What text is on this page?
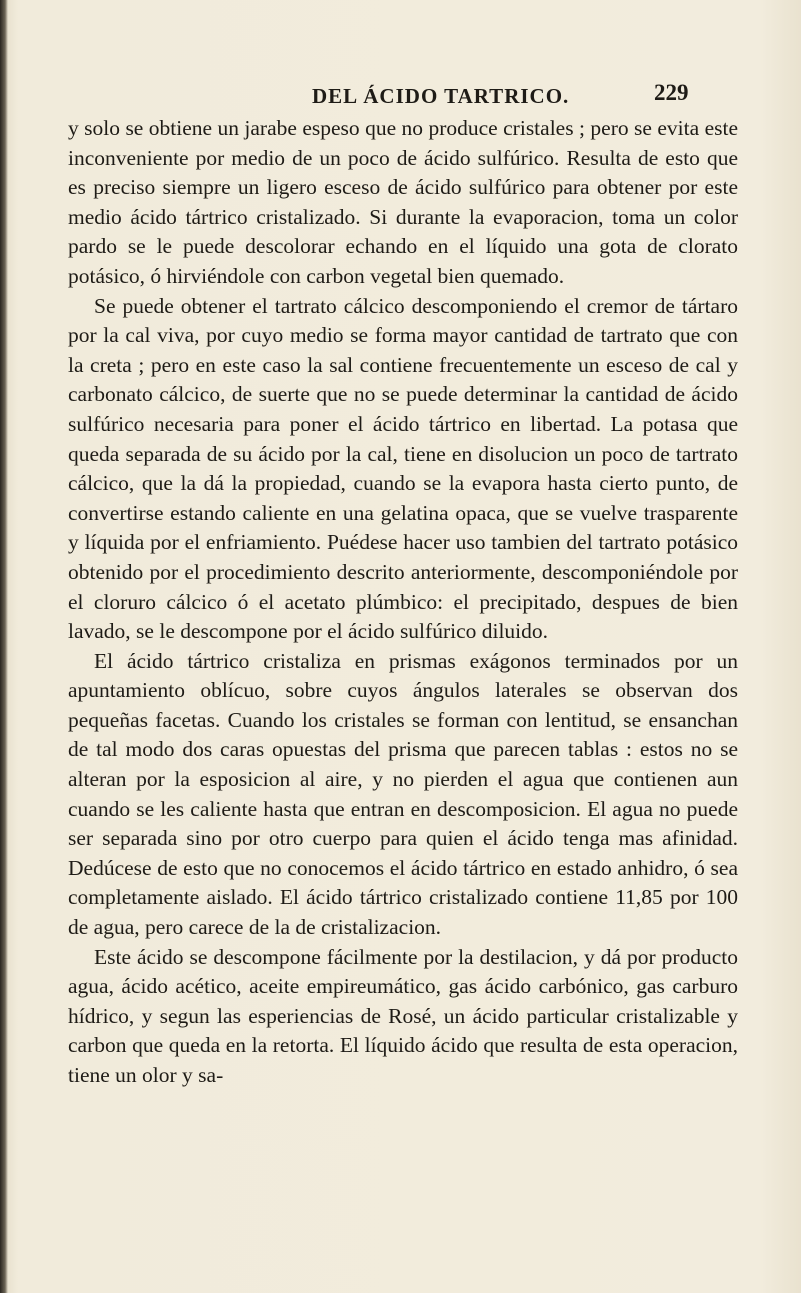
DEL ÁCIDO TARTRICO.	229

y solo se obtiene un jarabe espeso que no produce cristales ; pero se evita este inconveniente por medio de un poco de ácido sulfúrico. Resulta de esto que es preciso siempre un ligero esceso de ácido sulfúrico para obtener por este medio ácido tártrico cristalizado. Si durante la evaporacion, toma un color pardo se le puede descolorar echando en el líquido una gota de clorato potásico, ó hirviéndole con carbon vegetal bien quemado.

Se puede obtener el tartrato cálcico descomponiendo el cremor de tártaro por la cal viva, por cuyo medio se forma mayor cantidad de tartrato que con la creta ; pero en este caso la sal contiene frecuentemente un esceso de cal y carbonato cálcico, de suerte que no se puede determinar la cantidad de ácido sulfúrico necesaria para poner el ácido tártrico en libertad. La potasa que queda separada de su ácido por la cal, tiene en disolucion un poco de tartrato cálcico, que la dá la propiedad, cuando se la evapora hasta cierto punto, de convertirse estando caliente en una gelatina opaca, que se vuelve trasparente y líquida por el enfriamiento. Puédese hacer uso tambien del tartrato potásico obtenido por el procedimiento descrito anteriormente, descomponiéndole por el cloruro cálcico ó el acetato plúmbico: el precipitado, despues de bien lavado, se le descompone por el ácido sulfúrico diluido.

El ácido tártrico cristaliza en prismas exágonos terminados por un apuntamiento oblícuo, sobre cuyos ángulos laterales se observan dos pequeñas facetas. Cuando los cristales se forman con lentitud, se ensanchan de tal modo dos caras opuestas del prisma que parecen tablas : estos no se alteran por la esposicion al aire, y no pierden el agua que contienen aun cuando se les caliente hasta que entran en descomposicion. El agua no puede ser separada sino por otro cuerpo para quien el ácido tenga mas afinidad. Dedúcese de esto que no conocemos el ácido tártrico en estado anhidro, ó sea completamente aislado. El ácido tártrico cristalizado contiene 11,85 por 100 de agua, pero carece de la de cristalizacion.

Este ácido se descompone fácilmente por la destilacion, y dá por producto agua, ácido acético, aceite empireumático, gas ácido carbónico, gas carburo hídrico, y segun las esperiencias de Rosé, un ácido particular cristalizable y carbon que queda en la retorta. El líquido ácido que resulta de esta operacion, tiene un olor y sa-
